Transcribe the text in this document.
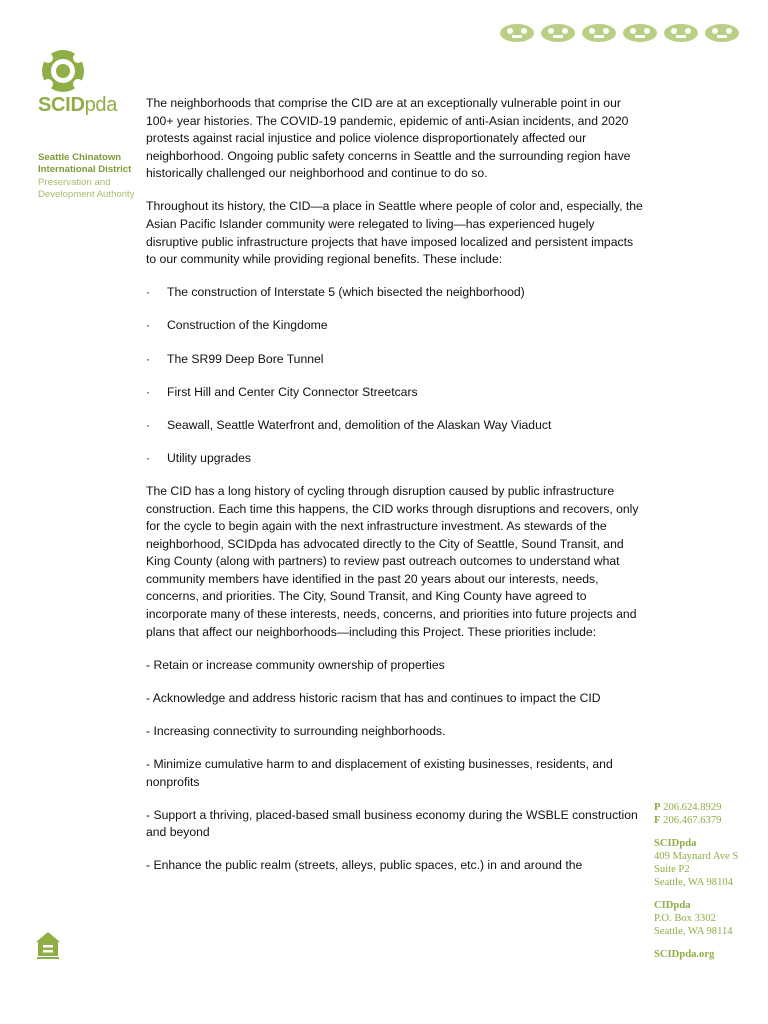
SCIDpda
Seattle Chinatown
International District
Preservation and
Development Authority

The neighborhoods that comprise the CID are at an exceptionally vulnerable point in our 100+ year histories. The COVID-19 pandemic, epidemic of anti-Asian incidents, and 2020 protests against racial injustice and police violence disproportionately affected our neighborhood. Ongoing public safety concerns in Seattle and the surrounding region have historically challenged our neighborhood and continue to do so.

Throughout its history, the CID—a place in Seattle where people of color and, especially, the Asian Pacific Islander community were relegated to living—has experienced hugely disruptive public infrastructure projects that have imposed localized and persistent impacts to our community while providing regional benefits. These include:

·	The construction of Interstate 5 (which bisected the neighborhood)
·	Construction of the Kingdome
·	The SR99 Deep Bore Tunnel
·	First Hill and Center City Connector Streetcars
·	Seawall, Seattle Waterfront and, demolition of the Alaskan Way Viaduct
·	Utility upgrades

The CID has a long history of cycling through disruption caused by public infrastructure construction. Each time this happens, the CID works through disruptions and recovers, only for the cycle to begin again with the next infrastructure investment. As stewards of the neighborhood, SCIDpda has advocated directly to the City of Seattle, Sound Transit, and King County (along with partners) to review past outreach outcomes to understand what community members have identified in the past 20 years about our interests, needs, concerns, and priorities. The City, Sound Transit, and King County have agreed to incorporate many of these interests, needs, concerns, and priorities into future projects and plans that affect our neighborhoods—including this Project. These priorities include:

- Retain or increase community ownership of properties
- Acknowledge and address historic racism that has and continues to impact the CID
- Increasing connectivity to surrounding neighborhoods.
- Minimize cumulative harm to and displacement of existing businesses, residents, and nonprofits
- Support a thriving, placed-based small business economy during the WSBLE construction and beyond
- Enhance the public realm (streets, alleys, public spaces, etc.) in and around the
P 206.624.8929
F 206.467.6379
SCIDpda
409 Maynard Ave S
Suite P2
Seattle, WA 98104
CIDpda
P.O. Box 3302
Seattle, WA 98114
SCIDpda.org
